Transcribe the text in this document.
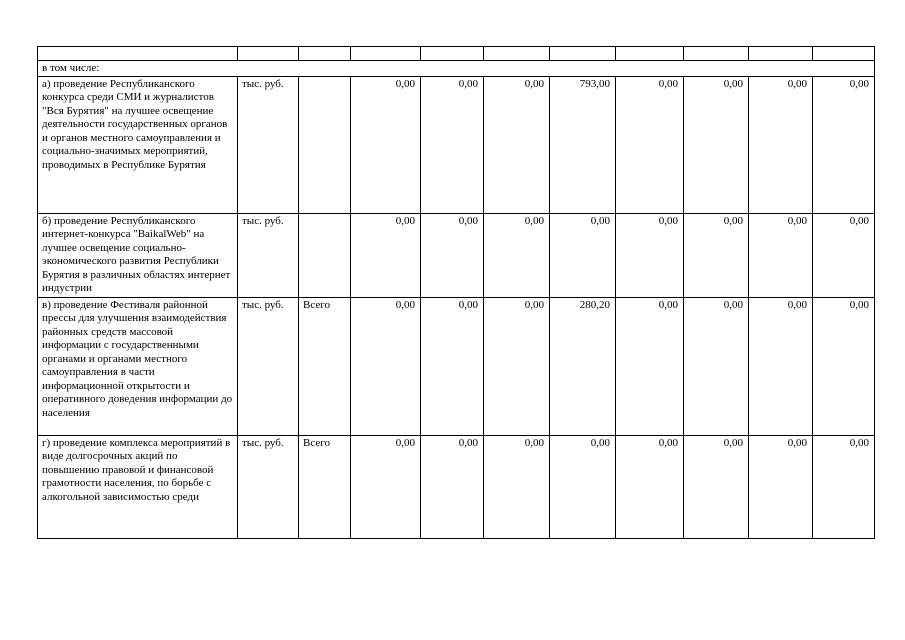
в том числе:										
а) проведение Республиканского конкурса среди СМИ и журналистов "Вся Бурятия" на лучшее освещение деятельности государственных органов и органов местного самоуправления и социально-значимых мероприятий, проводимых в Республике Бурятия	тыс. руб.		0,00	0,00	0,00	793,00	0,00	0,00	0,00	0,00
б) проведение Республиканского интернет-конкурса "BaikalWeb" на лучшее освещение социально-экономического развития Республики Бурятия в различных областях интернет индустрии	тыс. руб.		0,00	0,00	0,00	0,00	0,00	0,00	0,00	0,00
в) проведение Фестиваля районной прессы для улучшения взаимодействия районных средств массовой информации с государственными органами и органами местного самоуправления в части информационной открытости и оперативного доведения информации до населения	тыс. руб.	Всего	0,00	0,00	0,00	280,20	0,00	0,00	0,00	0,00
г) проведение комплекса мероприятий в виде долгосрочных акций по повышению правовой и финансовой грамотности населения, по борьбе с алкогольной зависимостью среди	тыс. руб.	Всего	0,00	0,00	0,00	0,00	0,00	0,00	0,00	0,00
